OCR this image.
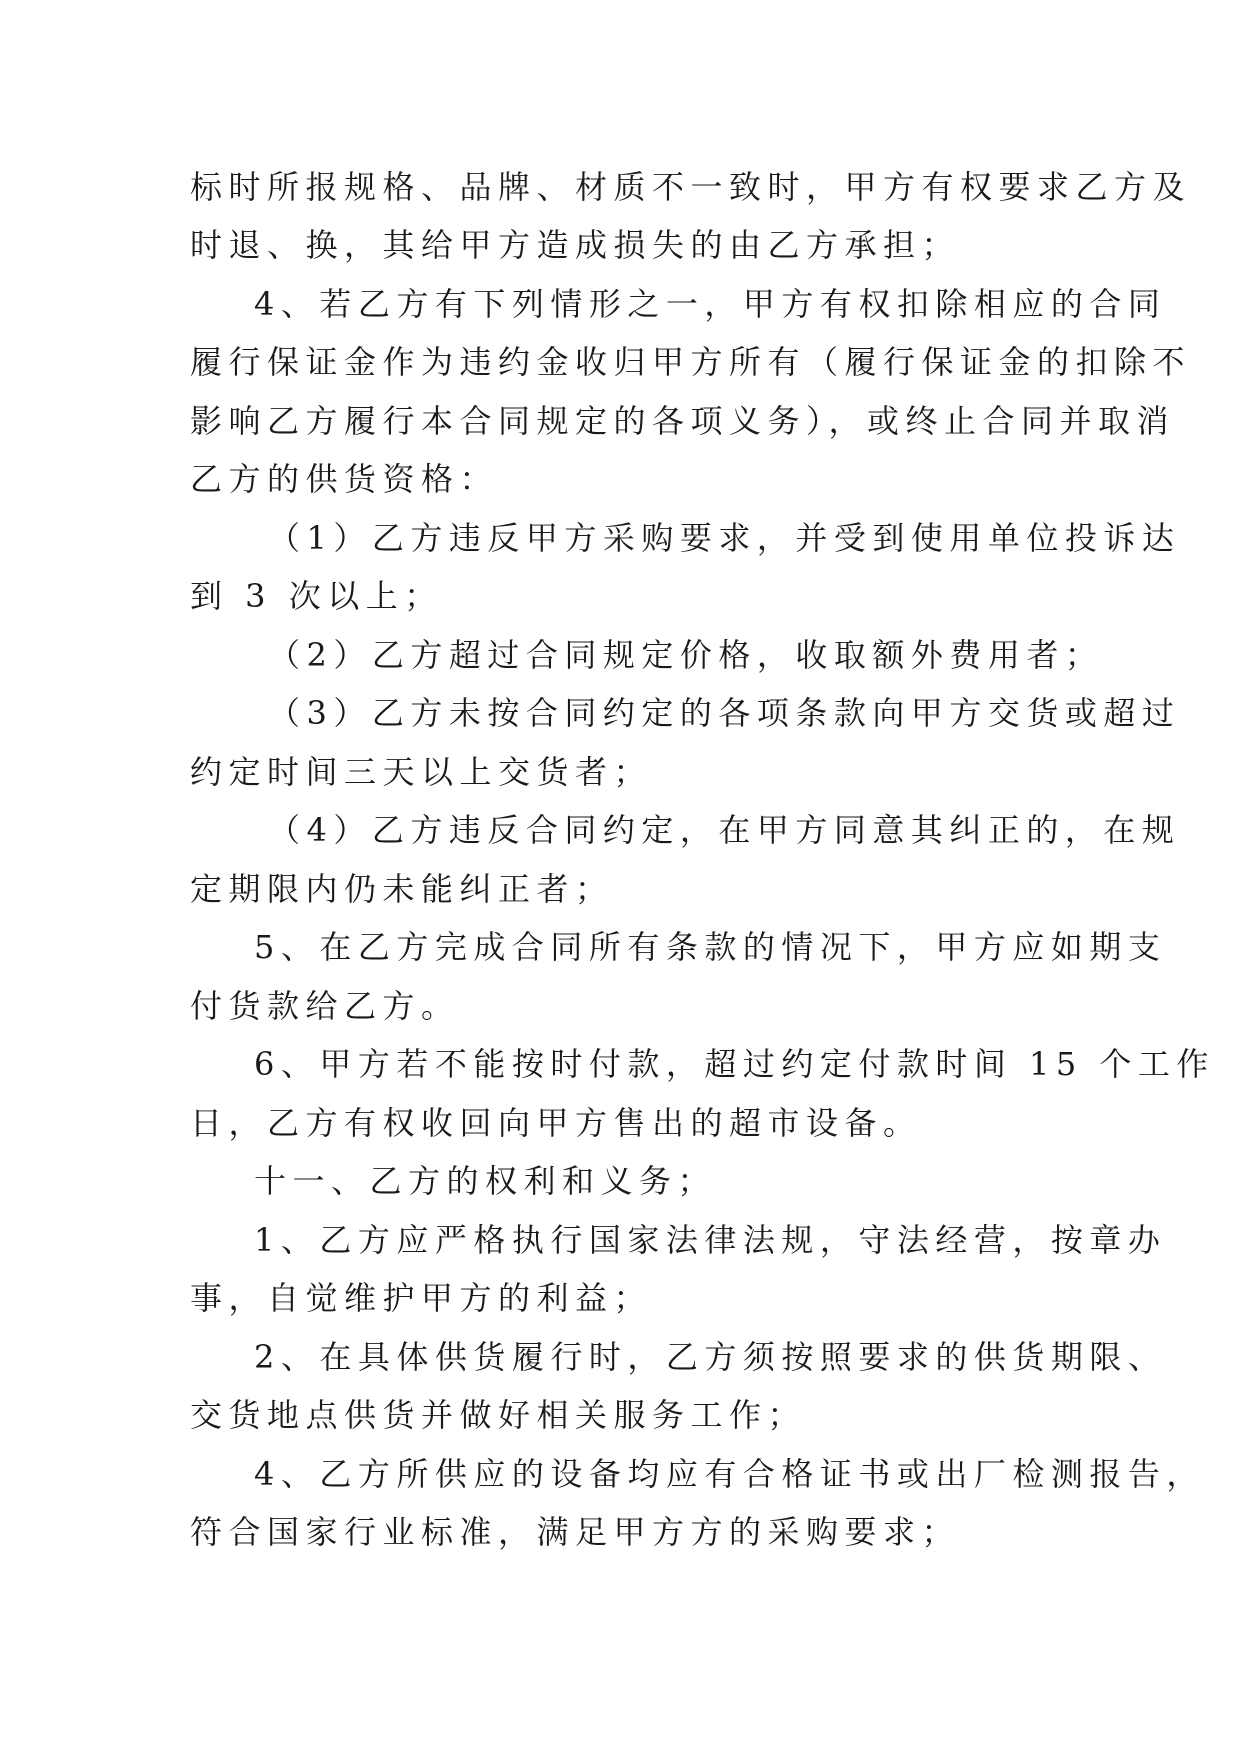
标时所报规格、品牌、材质不一致时，甲方有权要求乙方及
时退、换，其给甲方造成损失的由乙方承担；
4、若乙方有下列情形之一，甲方有权扣除相应的合同
履行保证金作为违约金收归甲方所有（履行保证金的扣除不
影响乙方履行本合同规定的各项义务），或终止合同并取消
乙方的供货资格：
（1）乙方违反甲方采购要求，并受到使用单位投诉达
到 3 次以上；
（2）乙方超过合同规定价格，收取额外费用者；
（3）乙方未按合同约定的各项条款向甲方交货或超过
约定时间三天以上交货者；
（4）乙方违反合同约定，在甲方同意其纠正的，在规
定期限内仍未能纠正者；
5、在乙方完成合同所有条款的情况下，甲方应如期支
付货款给乙方。
6、甲方若不能按时付款，超过约定付款时间 15 个工作
日，乙方有权收回向甲方售出的超市设备。
十一、乙方的权利和义务；
1、乙方应严格执行国家法律法规，守法经营，按章办
事，自觉维护甲方的利益；
2、在具体供货履行时，乙方须按照要求的供货期限、
交货地点供货并做好相关服务工作；
4、乙方所供应的设备均应有合格证书或出厂检测报告，
符合国家行业标准，满足甲方方的采购要求；
